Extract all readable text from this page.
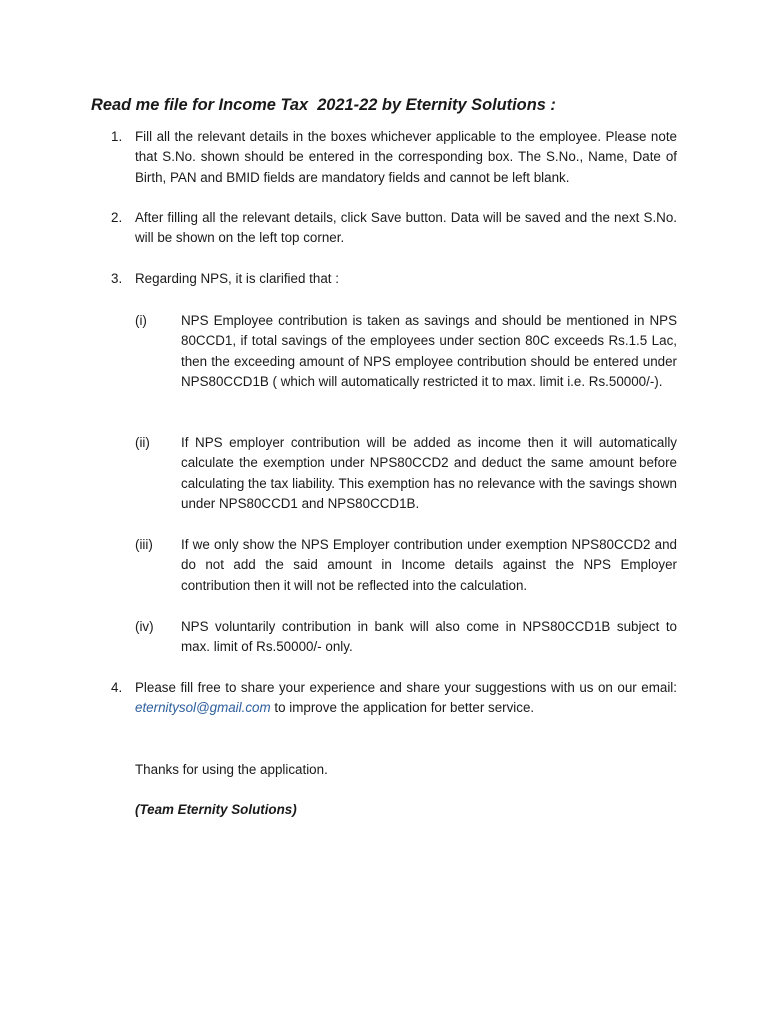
Read me file for Income Tax  2021-22 by Eternity Solutions :
1. Fill all the relevant details in the boxes whichever applicable to the employee. Please note that S.No. shown should be entered in the corresponding box. The S.No., Name, Date of Birth, PAN and BMID fields are mandatory fields and cannot be left blank.
2. After filling all the relevant details, click Save button. Data will be saved and the next S.No. will be shown on the left top corner.
3. Regarding NPS, it is clarified that :
(i)	NPS Employee contribution is taken as savings and should be mentioned in NPS 80CCD1, if total savings of the employees under section 80C exceeds Rs.1.5 Lac, then the exceeding amount of NPS employee contribution should be entered under NPS80CCD1B ( which will automatically restricted it to max. limit i.e. Rs.50000/-).
(ii)	If NPS employer contribution will be added as income then it will automatically calculate the exemption under NPS80CCD2 and deduct the same amount before calculating the tax liability. This exemption has no relevance with the savings shown under NPS80CCD1 and NPS80CCD1B.
(iii)	If we only show the NPS Employer contribution under exemption NPS80CCD2 and do not add the said amount in Income details against the NPS Employer contribution then it will not be reflected into the calculation.
(iv)	NPS voluntarily contribution in bank will also come in NPS80CCD1B subject to max. limit of Rs.50000/- only.
4. Please fill free to share your experience and share your suggestions with us on our email: eternitysol@gmail.com to improve the application for better service.
Thanks for using the application.
(Team Eternity Solutions)
